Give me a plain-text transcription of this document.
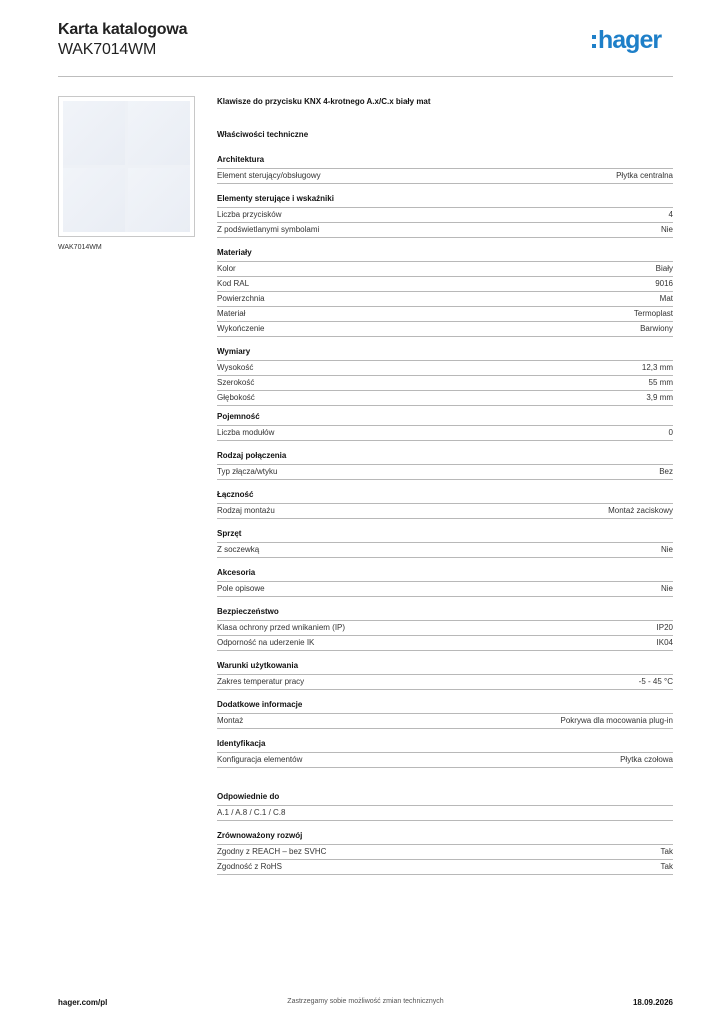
Karta katalogowa
WAK7014WM	hager
WAK7014WM
Klawisze do przycisku KNX 4-krotnego A.x/C.x biały mat
Właściwości techniczne
Architektura
Element sterujący/obsługowy	Płytka centralna
Elementy sterujące i wskaźniki
Liczba przycisków	4
Z podświetlanymi symbolami	Nie
Materiały
Kolor	Biały
Kod RAL	9016
Powierzchnia	Mat
Materiał	Termoplast
Wykończenie	Barwiony
Wymiary
Wysokość	12,3 mm
Szerokość	55 mm
Głębokość	3,9 mm
Pojemność
Liczba modułów	0
Rodzaj połączenia
Typ złącza/wtyku	Bez
Łączność
Rodzaj montażu	Montaż zaciskowy
Sprzęt
Z soczewką	Nie
Akcesoria
Pole opisowe	Nie
Bezpieczeństwo
Klasa ochrony przed wnikaniem (IP)	IP20
Odporność na uderzenie IK	IK04
Warunki użytkowania
Zakres temperatur pracy	-5 - 45 °C
Dodatkowe informacje
Montaż	Pokrywa dla mocowania plug-in
Identyfikacja
Konfiguracja elementów	Płytka czołowa
Odpowiednie do
A.1 / A.8 / C.1 / C.8
Zrównoważony rozwój
Zgodny z REACH – bez SVHC	Tak
Zgodność z RoHS	Tak
hager.com/pl	Zastrzegamy sobie możliwość zmian technicznych	18.09.2026
